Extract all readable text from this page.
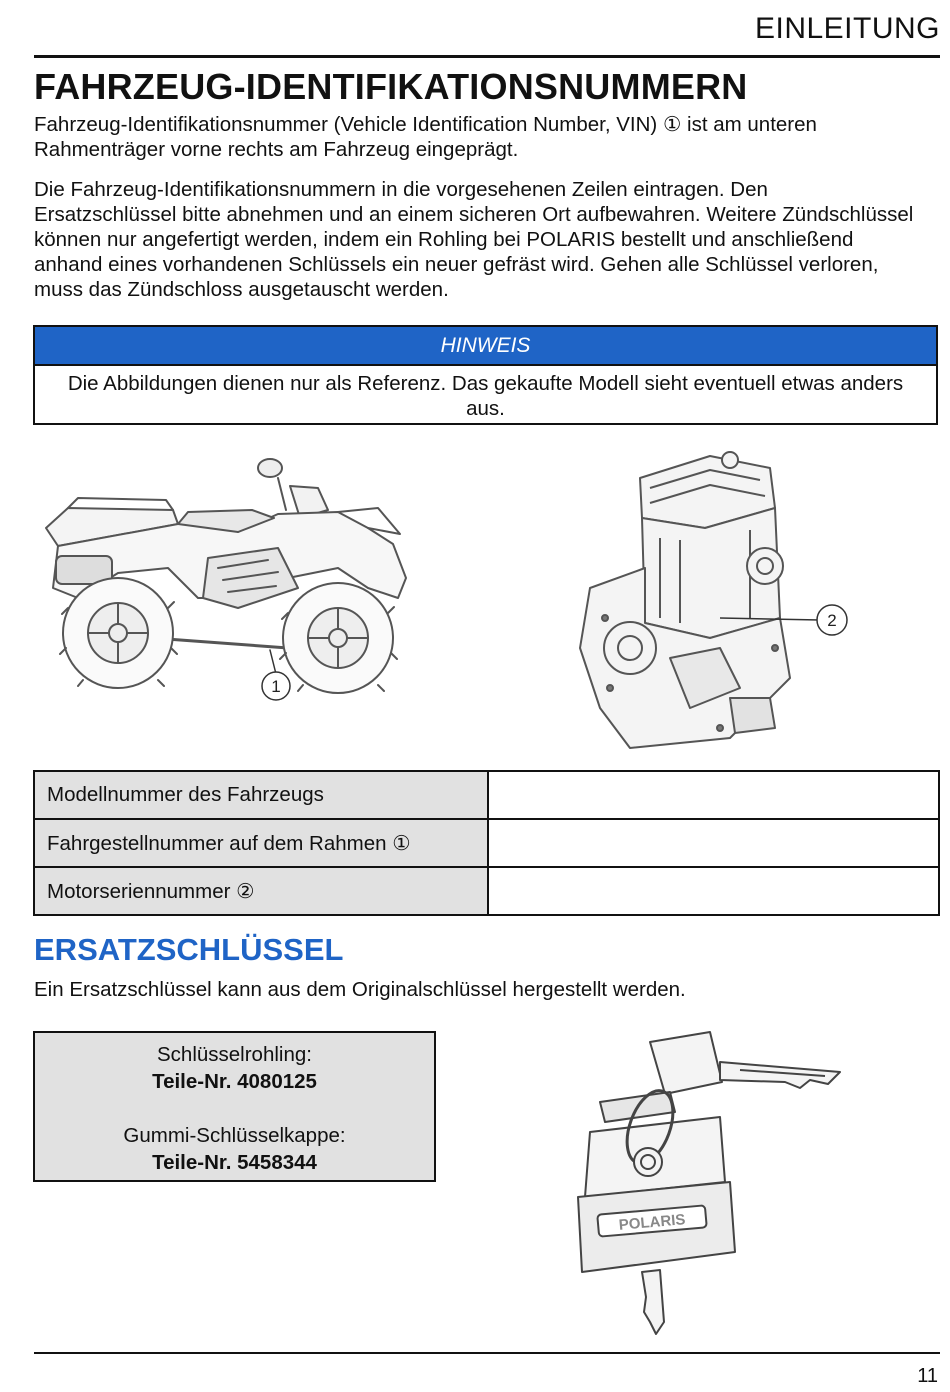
EINLEITUNG
FAHRZEUG-IDENTIFIKATIONSNUMMERN
Fahrzeug-Identifikationsnummer (Vehicle Identification Number, VIN) ① ist am unteren Rahmenträger vorne rechts am Fahrzeug eingeprägt.
Die Fahrzeug-Identifikationsnummern in die vorgesehenen Zeilen eintragen. Den Ersatzschlüssel bitte abnehmen und an einem sicheren Ort aufbewahren. Weitere Zündschlüssel können nur angefertigt werden, indem ein Rohling bei POLARIS bestellt und anschließend anhand eines vorhandenen Schlüssels ein neuer gefräst wird. Gehen alle Schlüssel verloren, muss das Zündschloss ausgetauscht werden.
HINWEIS
Die Abbildungen dienen nur als Referenz. Das gekaufte Modell sieht eventuell etwas anders aus.
1
2
Modellnummer des Fahrzeugs	
Fahrgestellnummer auf dem Rahmen ①	
Motorseriennummer ②	
ERSATZSCHLÜSSEL
Ein Ersatzschlüssel kann aus dem Originalschlüssel hergestellt werden.
Schlüsselrohling:
Teile-Nr. 4080125
Gummi-Schlüsselkappe:
Teile-Nr. 5458344
POLARIS
11
